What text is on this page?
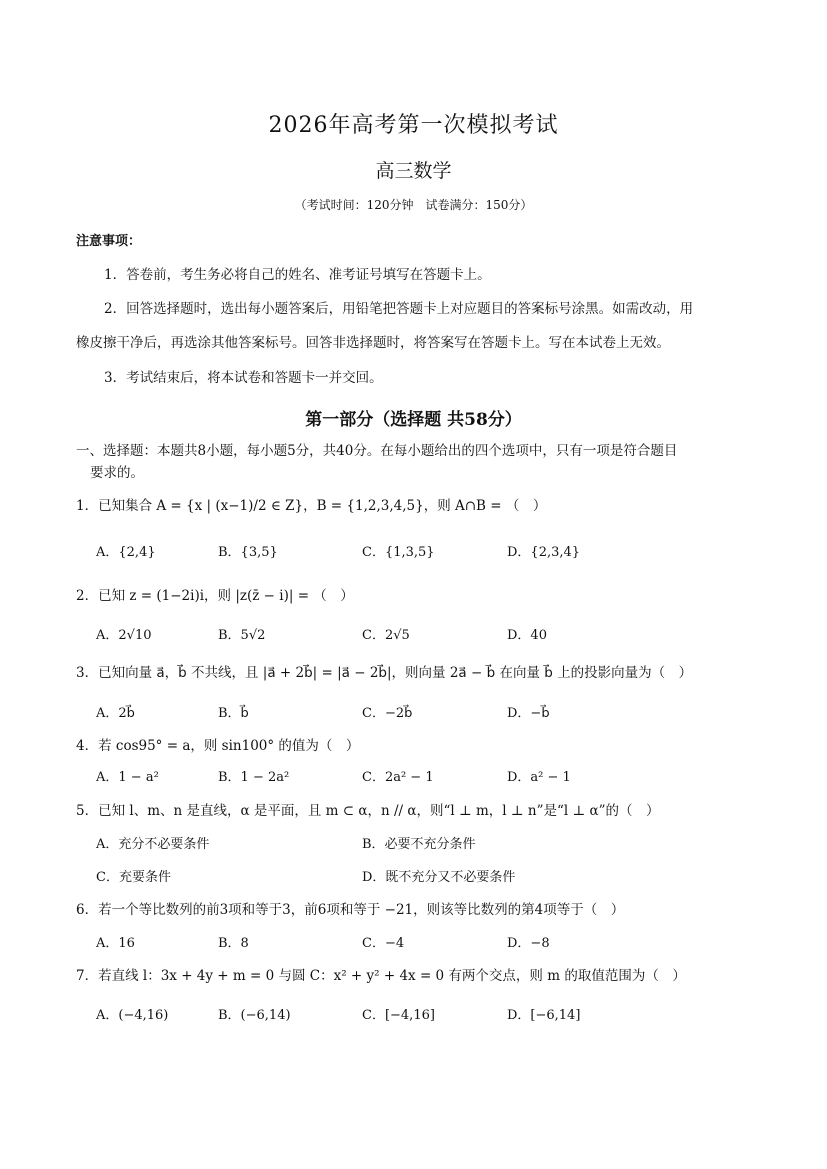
2026年高考第一次模拟考试
高三数学
（考试时间：120分钟　试卷满分：150分）
注意事项：
1．答卷前，考生务必将自己的姓名、准考证号填写在答题卡上。
2．回答选择题时，选出每小题答案后，用铅笔把答题卡上对应题目的答案标号涂黑。如需改动，用
橡皮擦干净后，再选涂其他答案标号。回答非选择题时，将答案写在答题卡上。写在本试卷上无效。
3．考试结束后，将本试卷和答题卡一并交回。
第一部分（选择题 共58分）
一、选择题：本题共8小题，每小题5分，共40分。在每小题给出的四个选项中，只有一项是符合题目
要求的。
1．已知集合 A = {x | (x−1)/2 ∈ Z}，B = {1,2,3,4,5}，则 A∩B = （　）
A．{2,4}	B．{3,5}	C．{1,3,5}	D．{2,3,4}
2．已知 z = (1−2i)i，则 |z(z̄ − i)| = （　）
A．2√10	B．5√2	C．2√5	D．40
3．已知向量 a⃗，b⃗ 不共线，且 |a⃗ + 2b⃗| = |a⃗ − 2b⃗|，则向量 2a⃗ − b⃗ 在向量 b⃗ 上的投影向量为（　）
A．2b⃗	B．b⃗	C．−2b⃗	D．−b⃗
4．若 cos95° = a，则 sin100° 的值为（　）
A．1 − a²	B．1 − 2a²	C．2a² − 1	D．a² − 1
5．已知 l、m、n 是直线，α 是平面，且 m ⊂ α，n // α，则“l ⊥ m，l ⊥ n”是“l ⊥ α”的（　）
A．充分不必要条件	B．必要不充分条件
C．充要条件	D．既不充分又不必要条件
6．若一个等比数列的前3项和等于3，前6项和等于 −21，则该等比数列的第4项等于（　）
A．16	B．8	C．−4	D．−8
7．若直线 l：3x + 4y + m = 0 与圆 C：x² + y² + 4x = 0 有两个交点，则 m 的取值范围为（　）
A．(−4,16)	B．(−6,14)	C．[−4,16]	D．[−6,14]
